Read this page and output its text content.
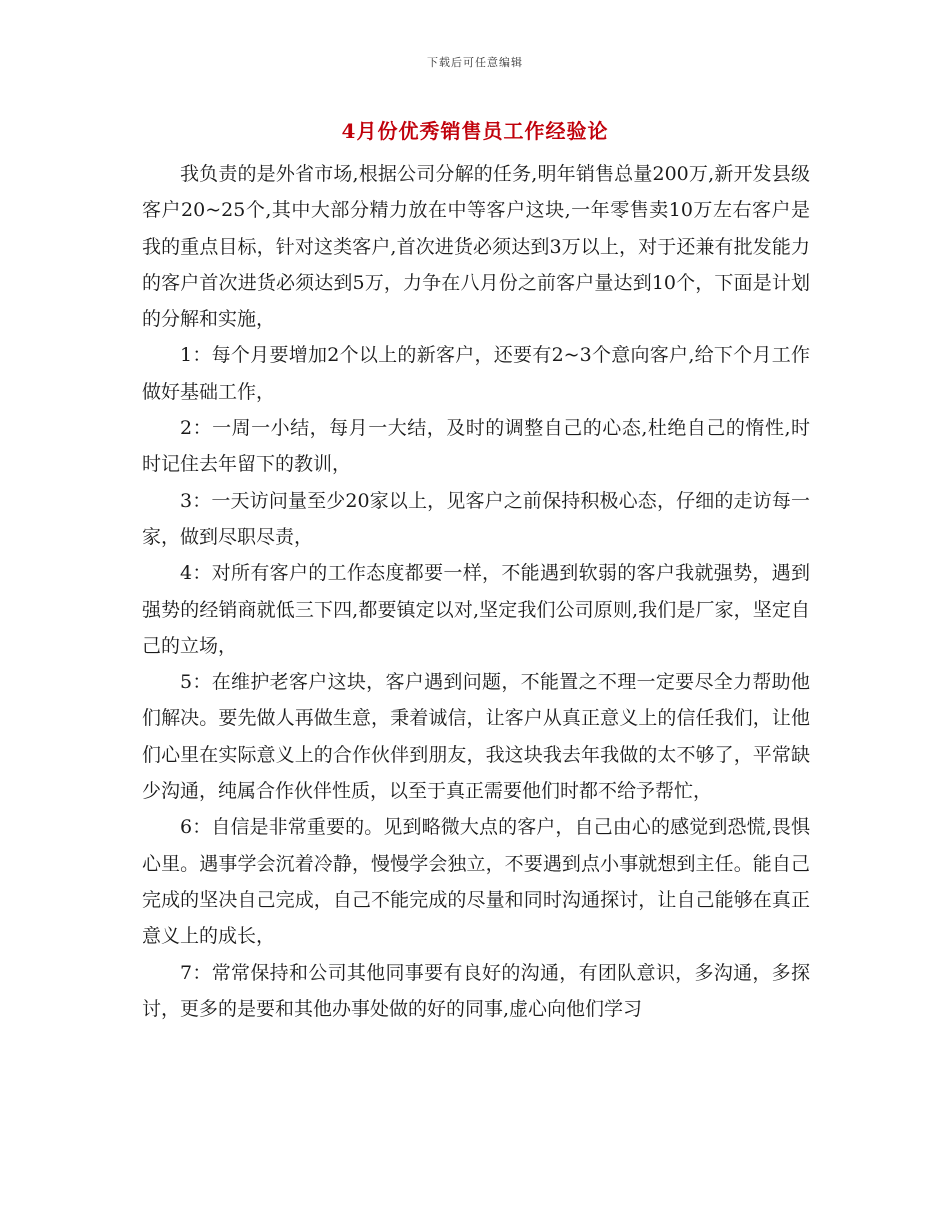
下载后可任意编辑
4月份优秀销售员工作经验论

我负责的是外省市场,根据公司分解的任务,明年销售总量200万,新开发县级客户20~25个,其中大部分精力放在中等客户这块,一年零售卖10万左右客户是我的重点目标，针对这类客户,首次进货必须达到3万以上，对于还兼有批发能力的客户首次进货必须达到5万，力争在八月份之前客户量达到10个，下面是计划的分解和实施，

1：每个月要增加2个以上的新客户，还要有2~3个意向客户,给下个月工作做好基础工作，

2：一周一小结，每月一大结，及时的调整自己的心态,杜绝自己的惰性,时时记住去年留下的教训，

3：一天访问量至少20家以上，见客户之前保持积极心态，仔细的走访每一家，做到尽职尽责，

4：对所有客户的工作态度都要一样，不能遇到软弱的客户我就强势，遇到强势的经销商就低三下四,都要镇定以对,坚定我们公司原则,我们是厂家，坚定自己的立场，

5：在维护老客户这块，客户遇到问题，不能置之不理一定要尽全力帮助他们解决。要先做人再做生意，秉着诚信，让客户从真正意义上的信任我们，让他们心里在实际意义上的合作伙伴到朋友，我这块我去年我做的太不够了，平常缺少沟通，纯属合作伙伴性质，以至于真正需要他们时都不给予帮忙，

6：自信是非常重要的。见到略微大点的客户，自己由心的感觉到恐慌,畏惧心里。遇事学会沉着冷静，慢慢学会独立，不要遇到点小事就想到主任。能自己完成的坚决自己完成，自己不能完成的尽量和同时沟通探讨，让自己能够在真正意义上的成长，

7：常常保持和公司其他同事要有良好的沟通，有团队意识，多沟通，多探讨，更多的是要和其他办事处做的好的同事,虚心向他们学习
